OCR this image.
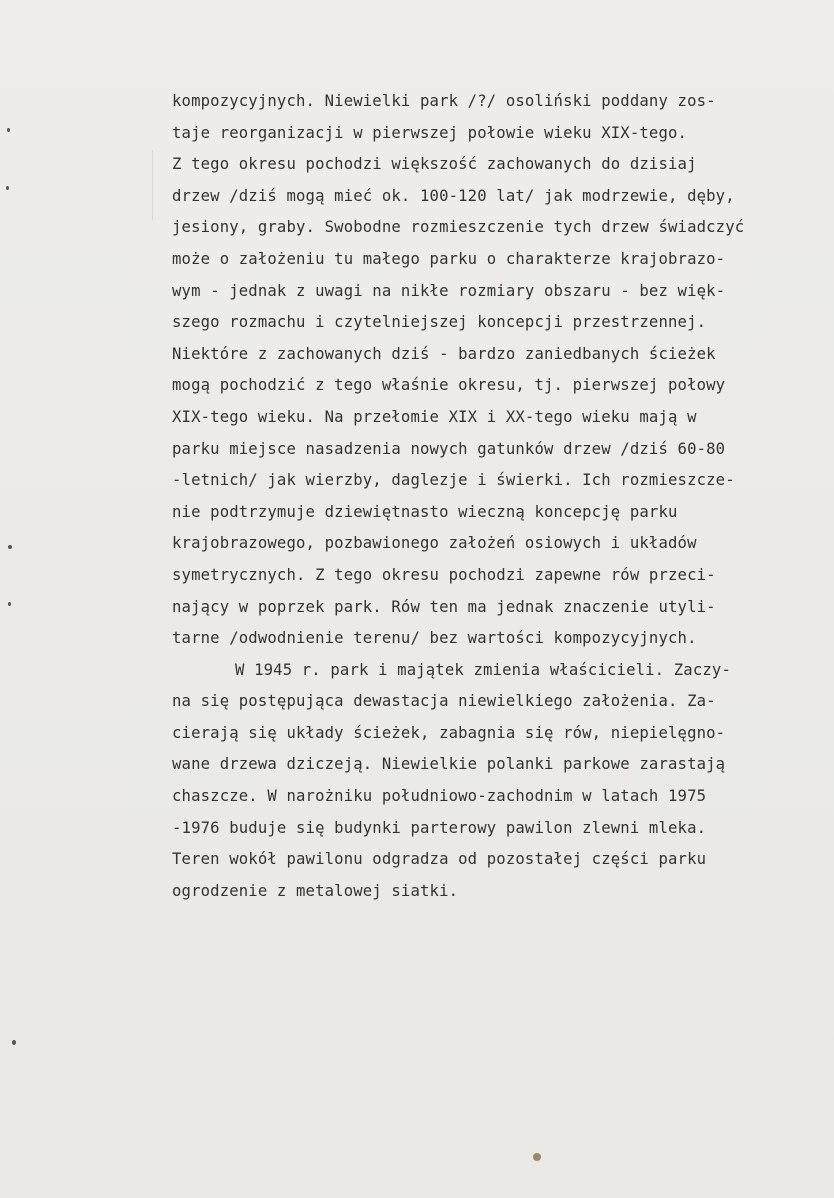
kompozycyjnych. Niewielki park /?/ osoliński poddany zos-
taje reorganizacji w pierwszej połowie wieku XIX-tego.
Z tego okresu pochodzi większość zachowanych do dzisiaj
drzew /dziś mogą mieć ok. 100-120 lat/ jak modrzewie, dęby,
jesiony, graby. Swobodne rozmieszczenie tych drzew świadczyć
może o założeniu tu małego parku o charakterze krajobrazo-
wym - jednak z uwagi na nikłe rozmiary obszaru - bez więk-
szego rozmachu i czytelniejszej koncepcji przestrzennej.
Niektóre z zachowanych dziś - bardzo zaniedbanych ścieżek
mogą pochodzić z tego właśnie okresu, tj. pierwszej połowy
XIX-tego wieku. Na przełomie XIX i XX-tego wieku mają w
parku miejsce nasadzenia nowych gatunków drzew /dziś 60-80
-letnich/ jak wierzby, daglezje i świerki. Ich rozmieszcze-
nie podtrzymuje dziewiętnasto wieczną koncepcję parku
krajobrazowego, pozbawionego założeń osiowych i układów
symetrycznych. Z tego okresu pochodzi zapewne rów przeci-
nający w poprzek park. Rów ten ma jednak znaczenie utyli-
tarne /odwodnienie terenu/ bez wartości kompozycyjnych.
W 1945 r. park i majątek zmienia właścicieli. Zaczy-
na się postępująca dewastacja niewielkiego założenia. Za-
cierają się układy ścieżek, zabagnia się rów, niepielęgno-
wane drzewa dziczeją. Niewielkie polanki parkowe zarastają
chaszcze. W narożniku południowo-zachodnim w latach 1975
-1976 buduje się budynki parterowy pawilon zlewni mleka.
Teren wokół pawilonu odgradza od pozostałej części parku
ogrodzenie z metalowej siatki.
